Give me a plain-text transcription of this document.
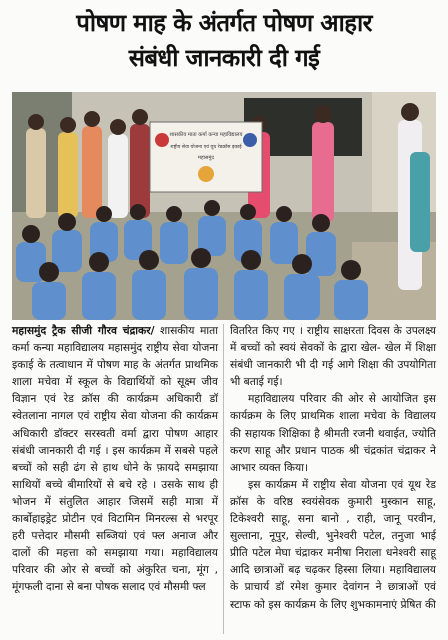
पोषण माह के अंतर्गत पोषण आहार
संबंधी जानकारी दी गई
शासकीय माता कर्मा कन्या महाविद्यालय
राष्ट्रीय सेवा योजना एवं यूथ रेडक्रॉस इकाई
महासमुंद

महासमुंद ट्रैक सीजी गौरव चंद्राकर/ शासकीय माता कर्मा कन्या महाविद्यालय महासमुंद राष्ट्रीय सेवा योजना इकाई के तत्वाधान में पोषण माह के अंतर्गत प्राथमिक शाला मचेवा में स्कूल के विद्यार्थियों को सूक्ष्म जीव विज्ञान एवं रेड क्रॉस की कार्यक्रम अधिकारी डॉ स्वेतलाना नागल एवं राष्ट्रीय सेवा योजना की कार्यक्रम अधिकारी डॉक्टर सरस्वती वर्मा द्वारा पोषण आहार संबंधी जानकारी दी गई । इस कार्यक्रम में सबसे पहले बच्चों को सही ढंग से हाथ धोने के फ़ायदे समझाया साथियों बच्चे बीमारियों से बचे रहे । उसके साथ ही भोजन में संतुलित आहार जिसमें सही मात्रा में कार्बोहाइड्रेट प्रोटीन एवं विटामिन मिनरल्स से भरपूर हरी पत्तेदार मौसमी सब्जियां एवं फ्ल अनाज और दालों की महत्ता को समझाया गया। महाविद्यालय परिवार की ओर से बच्चों को अंकुरित चना, मूंग , मूंगफली दाना से बना पोषक सलाद एवं मौसमी फ्ल

वितरित किए गए । राष्ट्रीय साक्षरता दिवस के उपलक्ष्य में बच्चों को स्वयं सेवकों के द्वारा खेल- खेल में शिक्षा संबंधी जानकारी भी दी गई आगे शिक्षा की उपयोगिता भी बताई गई।

महाविद्यालय परिवार की ओर से आयोजित इस कार्यक्रम के लिए प्राथमिक शाला मचेवा के विद्यालय की सहायक शिक्षिका है श्रीमती रजनी थवाईत, ज्योति करण साहू और प्रधान पाठक श्री चंद्रकांत चंद्राकर ने आभार व्यक्त किया।

इस कार्यक्रम में राष्ट्रीय सेवा योजना एवं यूथ रेड क्रॉस के वरिष्ठ स्वयंसेवक कुमारी मुस्कान साहू, टिकेश्वरी साहू, सना बानो , राही, जानू परवीन, सुल्ताना, नूपुर, सेल्वी, भुनेश्वरी पटेल, तनुजा भाई प्रीति पटेल मेघा चंद्राकर मनीषा निराला धनेश्वरी साहू आदि छात्राओं बढ़ चढ़कर हिस्सा लिया। महाविद्यालय के प्राचार्य डॉ रमेश कुमार देवांगन ने छात्राओं एवं स्टाफ को इस कार्यक्रम के लिए शुभकामनाएं प्रेषित की
